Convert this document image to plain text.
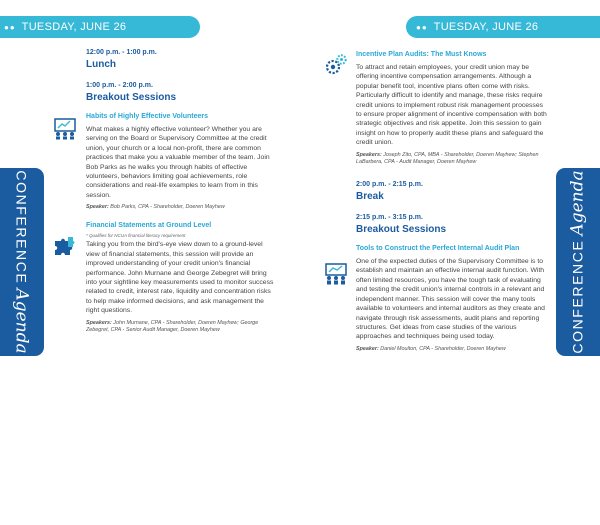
●● TUESDAY, JUNE 26	●● TUESDAY, JUNE 26
CONFERENCE
Agenda	CONFERENCE
Agenda
12:00 p.m. - 1:00 p.m.
Lunch
1:00 p.m. - 2:00 p.m.
Breakout Sessions
Habits of Highly Effective Volunteers
What makes a highly effective volunteer? Whether you are serving on the Board or Supervisory Committee at the credit union, your church or a local non-profit, there are common practices that make you a valuable member of the team. Join Bob Parks as he walks you through habits of effective volunteers, behaviors limiting goal achievements, role considerations and real-life examples to learn from in this session.
Speaker: Bob Parks, CPA - Shareholder, Doeren Mayhew
Financial Statements at Ground Level
* Qualifies for NCUA financial literacy requirement
Taking you from the bird's-eye view down to a ground-level view of financial statements, this session will provide an improved understanding of your credit union's financial performance. John Murnane and George Zebegret will bring into your sightline key measurements used to monitor success related to credit, interest rate, liquidity and concentration risks to help make informed decisions, and ask management the right questions.
Speakers: John Murnane, CPA - Shareholder, Doeren Mayhew; George Zebegret, CPA - Senior Audit Manager, Doeren Mayhew
Incentive Plan Audits: The Must Knows
To attract and retain employees, your credit union may be offering incentive compensation arrangements. Although a popular benefit tool, incentive plans often come with risks. Particularly difficult to identify and manage, these risks require credit unions to implement robust risk management processes to ensure proper alignment of incentive compensation with both strategic objectives and risk appetite. Join this session to gain insight on how to properly audit these plans and safeguard the credit union.
Speakers: Joseph Zito, CPA, MBA - Shareholder, Doeren Mayhew; Stephen LaBarbera, CPA - Audit Manager, Doeren Mayhew
2:00 p.m. - 2:15 p.m.
Break
2:15 p.m. - 3:15 p.m.
Breakout Sessions
Tools to Construct the Perfect Internal Audit Plan
One of the expected duties of the Supervisory Committee is to establish and maintain an effective internal audit function. With often limited resources, you have the tough task of evaluating and testing the credit union's internal controls in a relevant and independent manner. This session will cover the many tools available to volunteers and internal auditors as they create and navigate through risk assessments, audit plans and reporting structures. Get ideas from case studies of the various approaches and techniques being used today.
Speaker: Daniel Moulton, CPA - Shareholder, Doeren Mayhew
